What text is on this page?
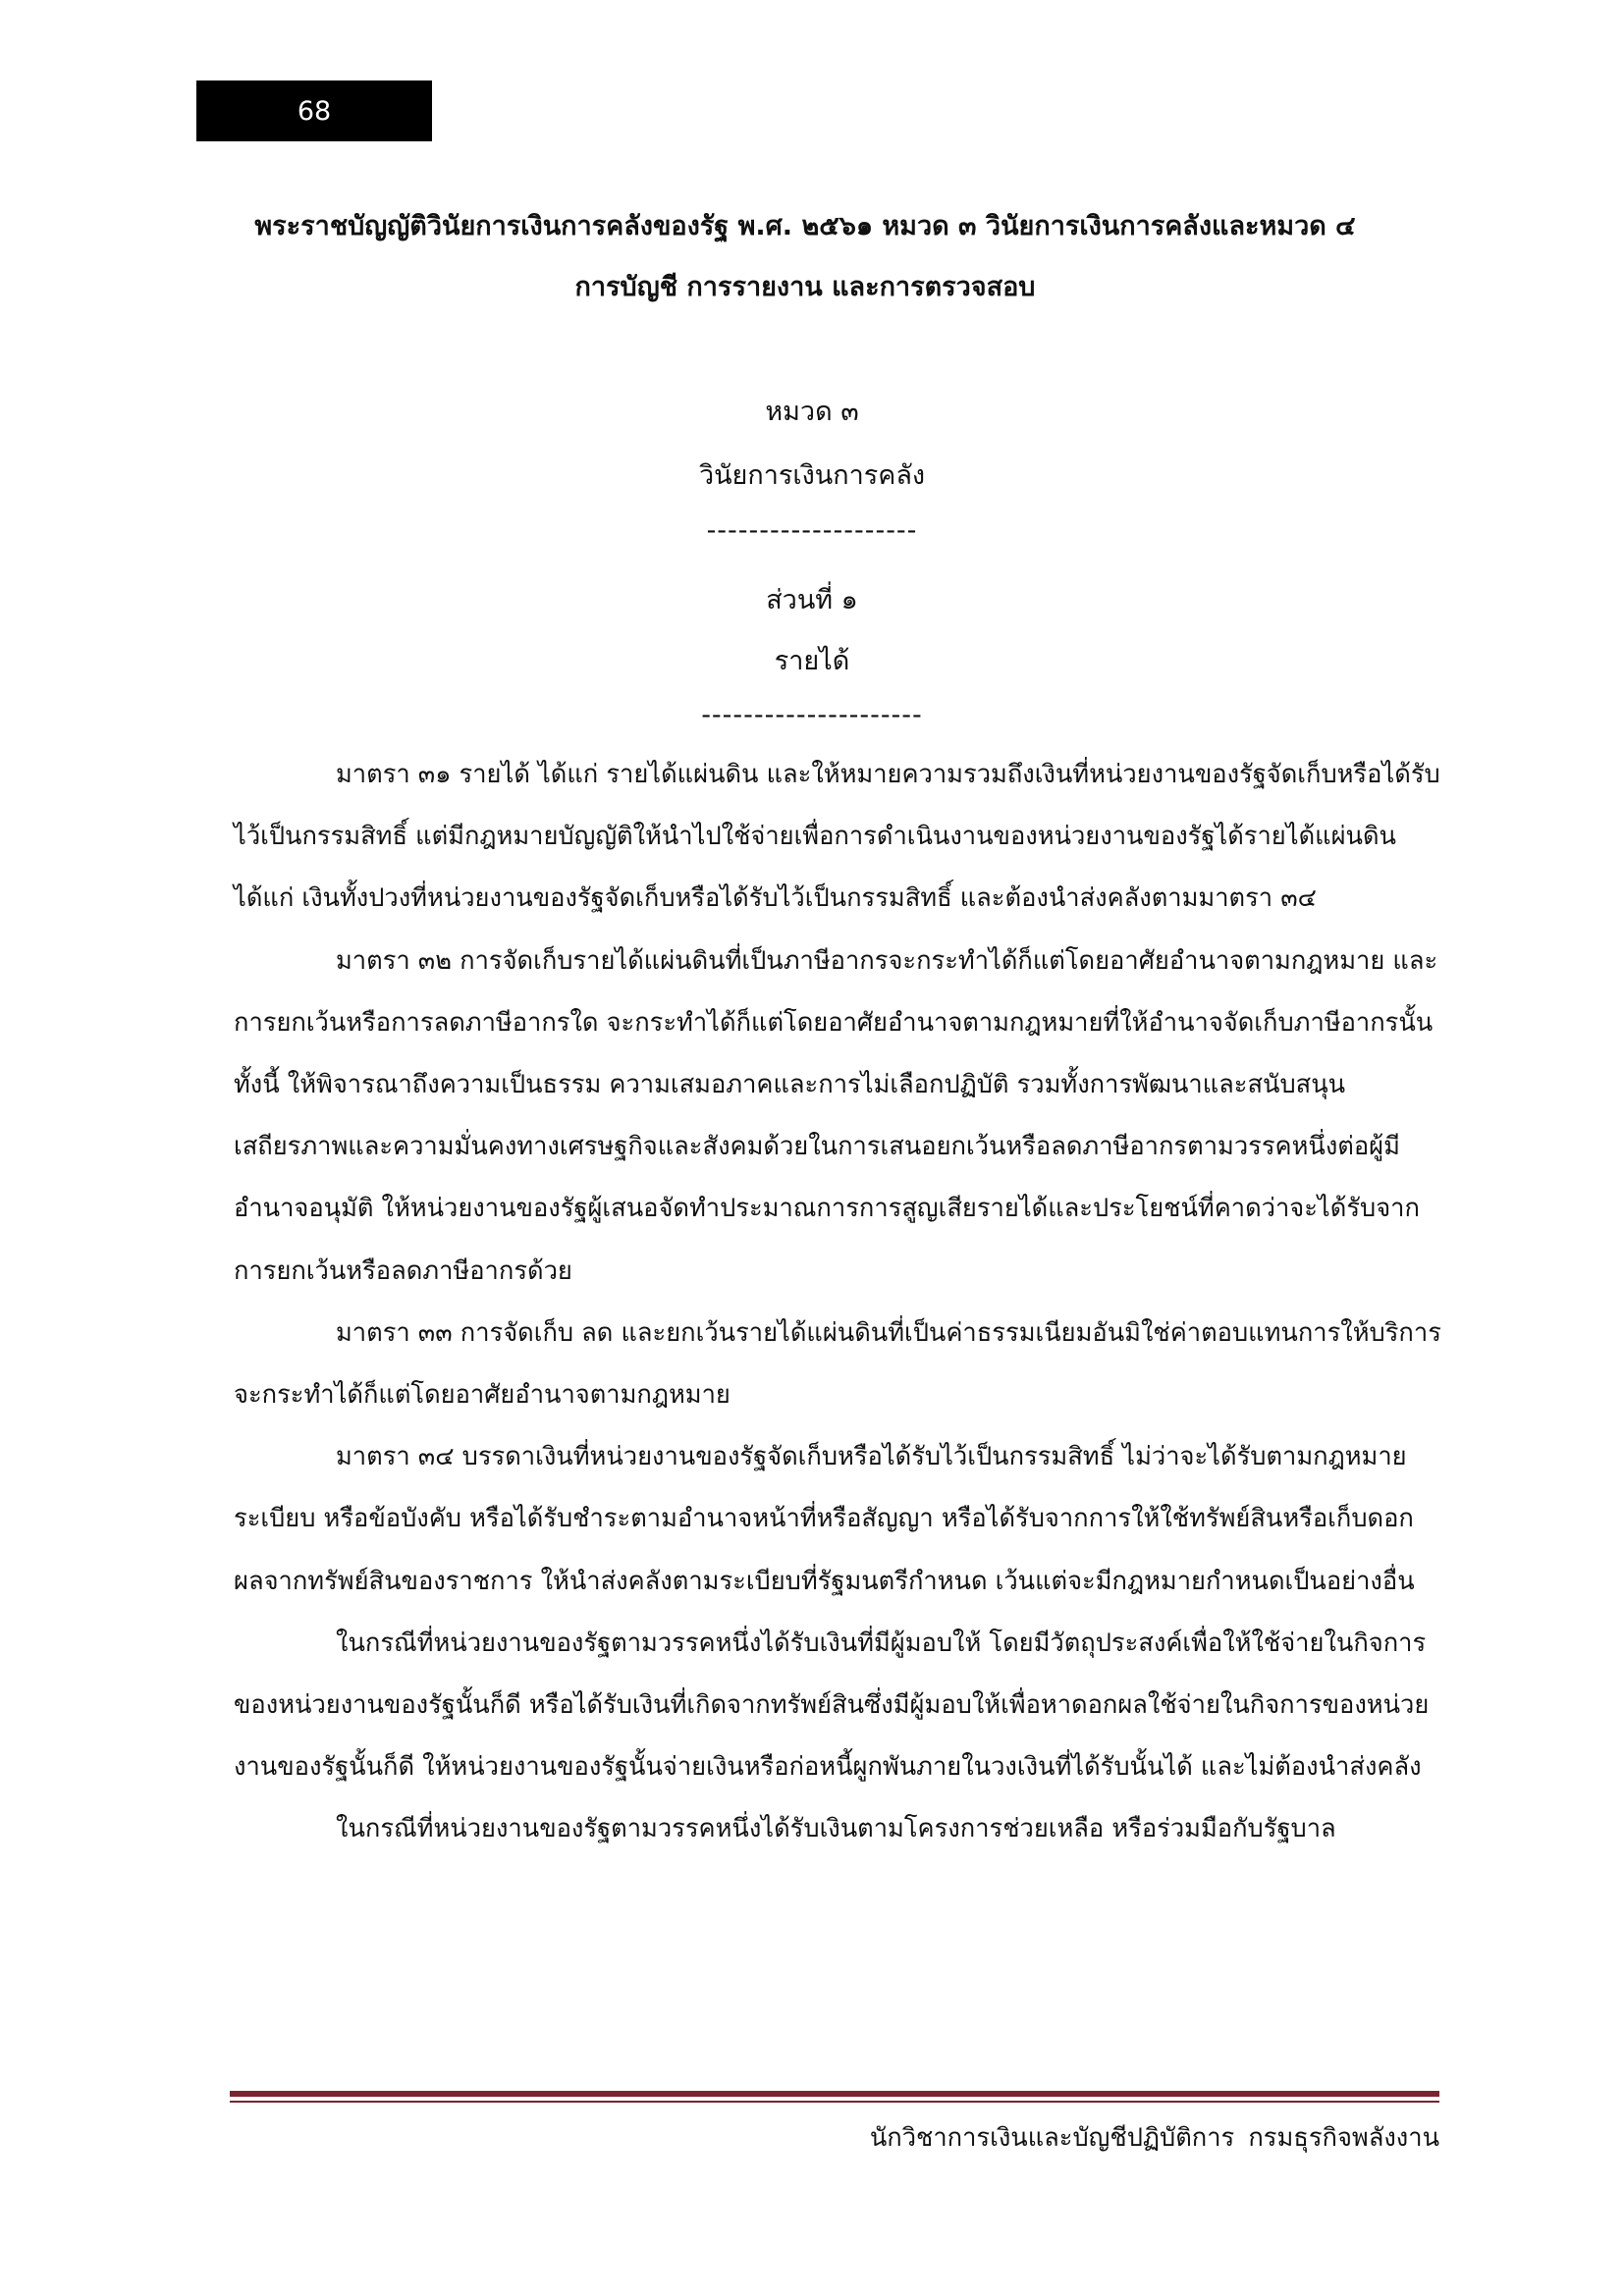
68
พระราชบัญญัติวินัยการเงินการคลังของรัฐ พ.ศ. ๒๕๖๑ หมวด ๓ วินัยการเงินการคลังและหมวด ๔
การบัญชี การรายงาน และการตรวจสอบ
หมวด ๓
วินัยการเงินการคลัง
--------------------
ส่วนที่ ๑
รายได้
---------------------

มาตรา ๓๑ รายได้ ได้แก่ รายได้แผ่นดิน และให้หมายความรวมถึงเงินที่หน่วยงานของรัฐจัดเก็บหรือได้รับไว้เป็นกรรมสิทธิ์ แต่มีกฎหมายบัญญัติให้นำไปใช้จ่ายเพื่อการดำเนินงานของหน่วยงานของรัฐได้รายได้แผ่นดิน ได้แก่ เงินทั้งปวงที่หน่วยงานของรัฐจัดเก็บหรือได้รับไว้เป็นกรรมสิทธิ์ และต้องนำส่งคลังตามมาตรา ๓๔

มาตรา ๓๒ การจัดเก็บรายได้แผ่นดินที่เป็นภาษีอากรจะกระทำได้ก็แต่โดยอาศัยอำนาจตามกฎหมาย และการยกเว้นหรือการลดภาษีอากรใด จะกระทำได้ก็แต่โดยอาศัยอำนาจตามกฎหมายที่ให้อำนาจจัดเก็บภาษีอากรนั้น ทั้งนี้ ให้พิจารณาถึงความเป็นธรรม ความเสมอภาคและการไม่เลือกปฏิบัติ รวมทั้งการพัฒนาและสนับสนุนเสถียรภาพและความมั่นคงทางเศรษฐกิจและสังคมด้วยในการเสนอยกเว้นหรือลดภาษีอากรตามวรรคหนึ่งต่อผู้มีอำนาจอนุมัติ ให้หน่วยงานของรัฐผู้เสนอจัดทำประมาณการการสูญเสียรายได้และประโยชน์ที่คาดว่าจะได้รับจากการยกเว้นหรือลดภาษีอากรด้วย

มาตรา ๓๓ การจัดเก็บ ลด และยกเว้นรายได้แผ่นดินที่เป็นค่าธรรมเนียมอันมิใช่ค่าตอบแทนการให้บริการ จะกระทำได้ก็แต่โดยอาศัยอำนาจตามกฎหมาย

มาตรา ๓๔ บรรดาเงินที่หน่วยงานของรัฐจัดเก็บหรือได้รับไว้เป็นกรรมสิทธิ์ ไม่ว่าจะได้รับตามกฎหมาย ระเบียบ หรือข้อบังคับ หรือได้รับชำระตามอำนาจหน้าที่หรือสัญญา หรือได้รับจากการให้ใช้ทรัพย์สินหรือเก็บดอกผลจากทรัพย์สินของราชการ ให้นำส่งคลังตามระเบียบที่รัฐมนตรีกำหนด เว้นแต่จะมีกฎหมายกำหนดเป็นอย่างอื่น

ในกรณีที่หน่วยงานของรัฐตามวรรคหนึ่งได้รับเงินที่มีผู้มอบให้ โดยมีวัตถุประสงค์เพื่อให้ใช้จ่ายในกิจการของหน่วยงานของรัฐนั้นก็ดี หรือได้รับเงินที่เกิดจากทรัพย์สินซึ่งมีผู้มอบให้เพื่อหาดอกผลใช้จ่ายในกิจการของหน่วยงานของรัฐนั้นก็ดี ให้หน่วยงานของรัฐนั้นจ่ายเงินหรือก่อหนี้ผูกพันภายในวงเงินที่ได้รับนั้นได้ และไม่ต้องนำส่งคลัง

ในกรณีที่หน่วยงานของรัฐตามวรรคหนึ่งได้รับเงินตามโครงการช่วยเหลือ หรือร่วมมือกับรัฐบาล

นักวิชาการเงินและบัญชีปฏิบัติการ กรมธุรกิจพลังงาน
